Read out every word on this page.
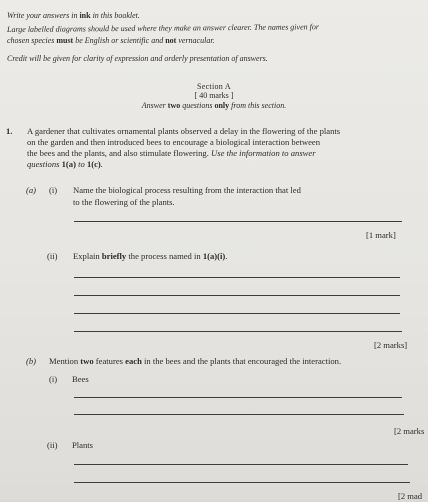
Write your answers in ink in this booklet.
Large labelled diagrams should be used where they make an answer clearer. The names given for
chosen species must be English or scientific and not vernacular.
Credit will be given for clarity of expression and orderly presentation of answers.
Section A
[ 40 marks ]
Answer two questions only from this section.
1. A gardener that cultivates ornamental plants observed a delay in the flowering of the plants
on the garden and then introduced bees to encourage a biological interaction between
the bees and the plants, and also stimulate flowering. Use the information to answer
questions 1(a) to 1(c).
(a) (i) Name the biological process resulting from the interaction that led
to the flowering of the plants.
[1 mark]
(ii) Explain briefly the process named in 1(a)(i).
[2 marks]
(b) Mention two features each in the bees and the plants that encouraged the interaction.
(i) Bees
[2 marks
(ii) Plants
[2 mad
